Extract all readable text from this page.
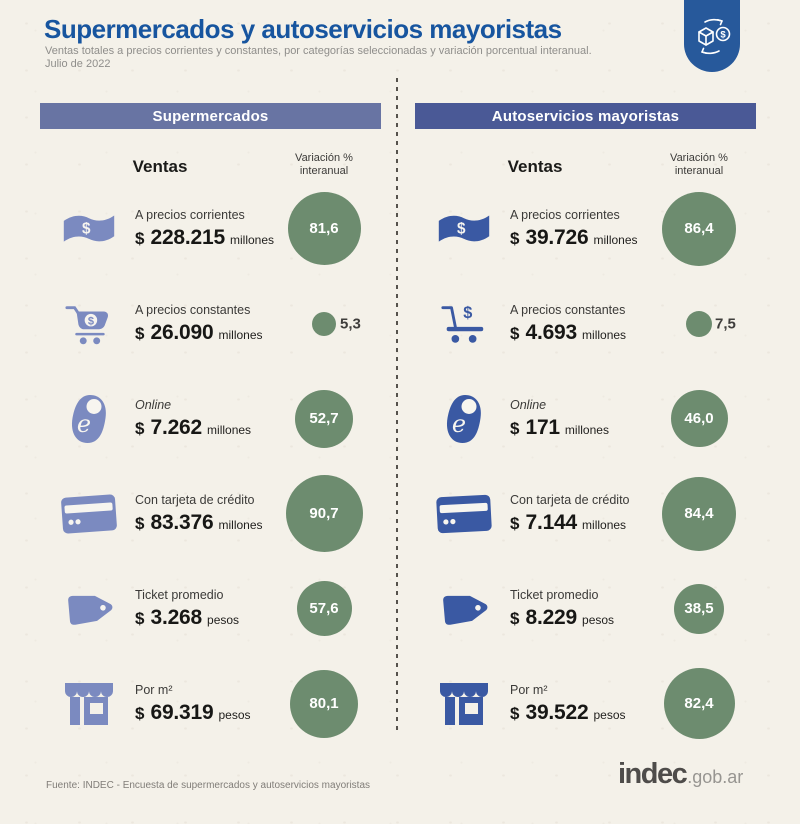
Supermercados y autoservicios mayoristas
Ventas totales a precios corrientes y constantes, por categorías seleccionadas y variación porcentual interanual.
Julio de 2022
$
Supermercados
Ventas	Variación %
interanual
$
A precios corrientes
$ 228.215 millones
81,6
$
A precios constantes
$ 26.090 millones
5,3
e
Online
$ 7.262 millones
52,7
Con tarjeta de crédito
$ 83.376 millones
90,7
Ticket promedio
$ 3.268 pesos
57,6
Por m²
$ 69.319 pesos
80,1
Autoservicios mayoristas
Ventas	Variación %
interanual
$
A precios corrientes
$ 39.726 millones
86,4
$	A precios constantes
$ 4.693 millones
7,5
e
Online
$ 171 millones
46,0
Con tarjeta de crédito
$ 7.144 millones
84,4
Ticket promedio
$ 8.229 pesos
38,5
Por m²
$ 39.522 pesos
82,4
Fuente: INDEC - Encuesta de supermercados y autoservicios mayoristas	indec .gob.ar
